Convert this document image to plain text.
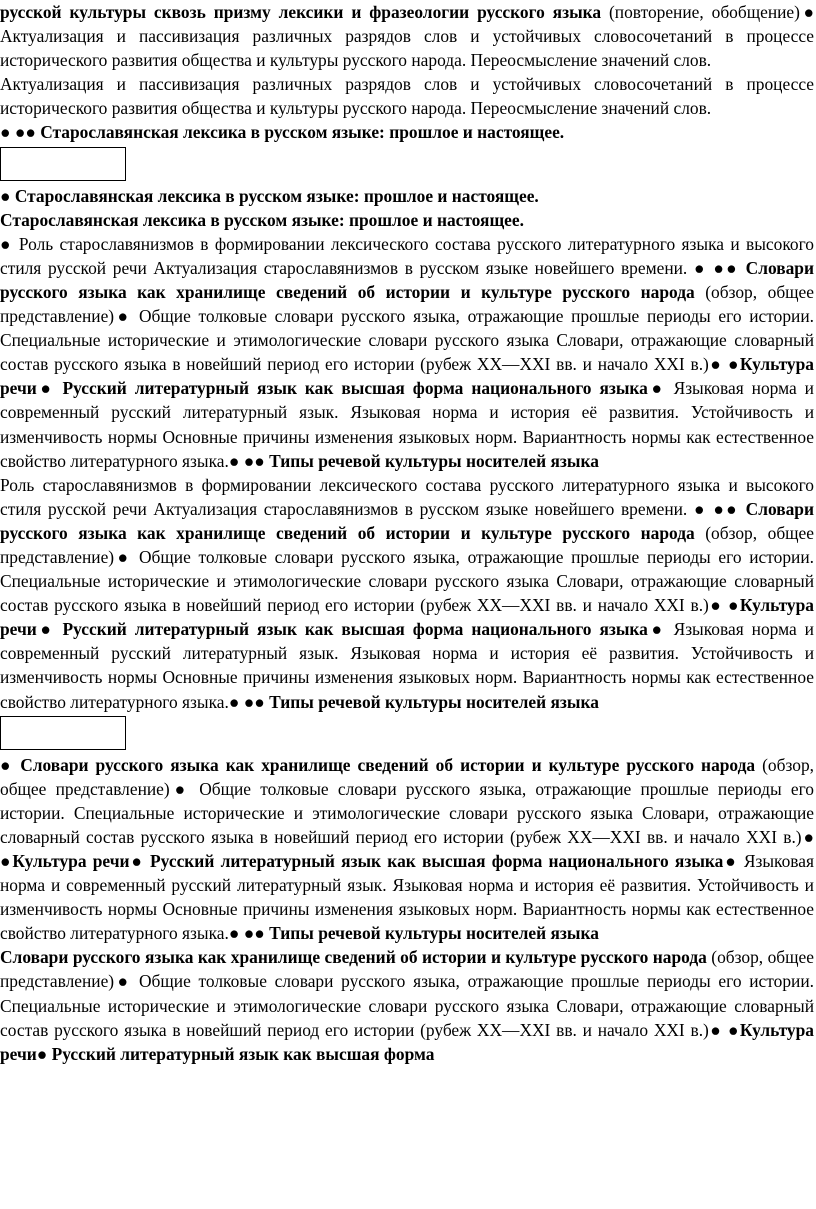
русской культуры сквозь призму лексики и фразеологии русского языка (повторение, обобщение)● Актуализация и пассивизация различных разрядов слов и устойчивых словосочетаний в процессе исторического развития общества и культуры русского народа. Переосмысление значений слов.

Актуализация и пассивизация различных разрядов слов и устойчивых словосочетаний в процессе исторического развития общества и культуры русского народа. Переосмысление значений слов.

● ●● Старославянская лексика в русском языке: прошлое и настоящее.

● Старославянская лексика в русском языке: прошлое и настоящее.

Старославянская лексика в русском языке: прошлое и настоящее.

● Роль старославянизмов в формировании лексического состава русского литературного языка и высокого стиля русской речи Актуализация старославянизмов в русском языке новейшего времени. ● ●● Словари русского языка как хранилище сведений об истории и культуре русского народа (обзор, общее представление)● Общие толковые словари русского языка, отражающие прошлые периоды его истории. Специальные исторические и этимологические словари русского языка Словари, отражающие словарный состав русского языка в новейший период его истории (рубеж XX—XXI вв. и начало XXI в.)● ●Культура речи● Русский литературный язык как высшая форма национального языка● Языковая норма и современный русский литературный язык. Языковая норма и история её развития. Устойчивость и изменчивость нормы Основные причины изменения языковых норм. Вариантность нормы как естественное свойство литературного языка.● ●● Типы речевой культуры носителей языка

Роль старославянизмов в формировании лексического состава русского литературного языка и высокого стиля русской речи Актуализация старославянизмов в русском языке новейшего времени. ● ●● Словари русского языка как хранилище сведений об истории и культуре русского народа (обзор, общее представление)● Общие толковые словари русского языка, отражающие прошлые периоды его истории. Специальные исторические и этимологические словари русского языка Словари, отражающие словарный состав русского языка в новейший период его истории (рубеж XX—XXI вв. и начало XXI в.)● ●Культура речи● Русский литературный язык как высшая форма национального языка● Языковая норма и современный русский литературный язык. Языковая норма и история её развития. Устойчивость и изменчивость нормы Основные причины изменения языковых норм. Вариантность нормы как естественное свойство литературного языка.● ●● Типы речевой культуры носителей языка

● Словари русского языка как хранилище сведений об истории и культуре русского народа (обзор, общее представление)● Общие толковые словари русского языка, отражающие прошлые периоды его истории. Специальные исторические и этимологические словари русского языка Словари, отражающие словарный состав русского языка в новейший период его истории (рубеж XX—XXI вв. и начало XXI в.)● ●Культура речи● Русский литературный язык как высшая форма национального языка● Языковая норма и современный русский литературный язык. Языковая норма и история её развития. Устойчивость и изменчивость нормы Основные причины изменения языковых норм. Вариантность нормы как естественное свойство литературного языка.● ●● Типы речевой культуры носителей языка

Словари русского языка как хранилище сведений об истории и культуре русского народа (обзор, общее представление)● Общие толковые словари русского языка, отражающие прошлые периоды его истории. Специальные исторические и этимологические словари русского языка Словари, отражающие словарный состав русского языка в новейший период его истории (рубеж XX—XXI вв. и начало XXI в.)● ●Культура речи● Русский литературный язык как высшая форма
